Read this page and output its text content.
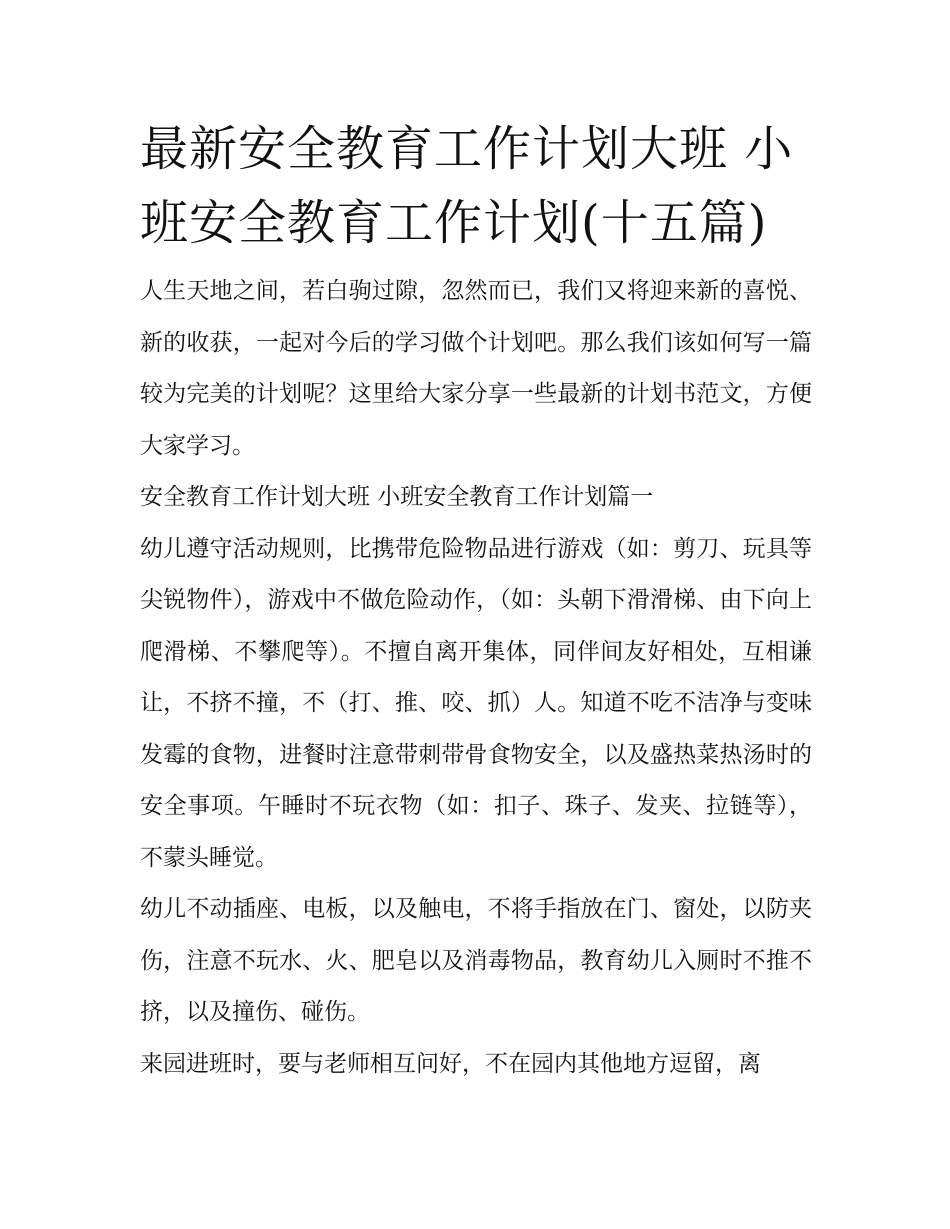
最新安全教育工作计划大班 小班安全教育工作计划(十五篇)

人生天地之间，若白驹过隙，忽然而已，我们又将迎来新的喜悦、新的收获，一起对今后的学习做个计划吧。那么我们该如何写一篇较为完美的计划呢？这里给大家分享一些最新的计划书范文，方便大家学习。

安全教育工作计划大班 小班安全教育工作计划篇一

幼儿遵守活动规则，比携带危险物品进行游戏（如：剪刀、玩具等尖锐物件），游戏中不做危险动作，（如：头朝下滑滑梯、由下向上爬滑梯、不攀爬等）。不擅自离开集体，同伴间友好相处，互相谦让，不挤不撞，不（打、推、咬、抓）人。知道不吃不洁净与变味发霉的食物，进餐时注意带刺带骨食物安全，以及盛热菜热汤时的安全事项。午睡时不玩衣物（如：扣子、珠子、发夹、拉链等），不蒙头睡觉。

幼儿不动插座、电板，以及触电，不将手指放在门、窗处，以防夹伤，注意不玩水、火、肥皂以及消毒物品，教育幼儿入厕时不推不挤，以及撞伤、碰伤。

来园进班时，要与老师相互问好，不在园内其他地方逗留，离
